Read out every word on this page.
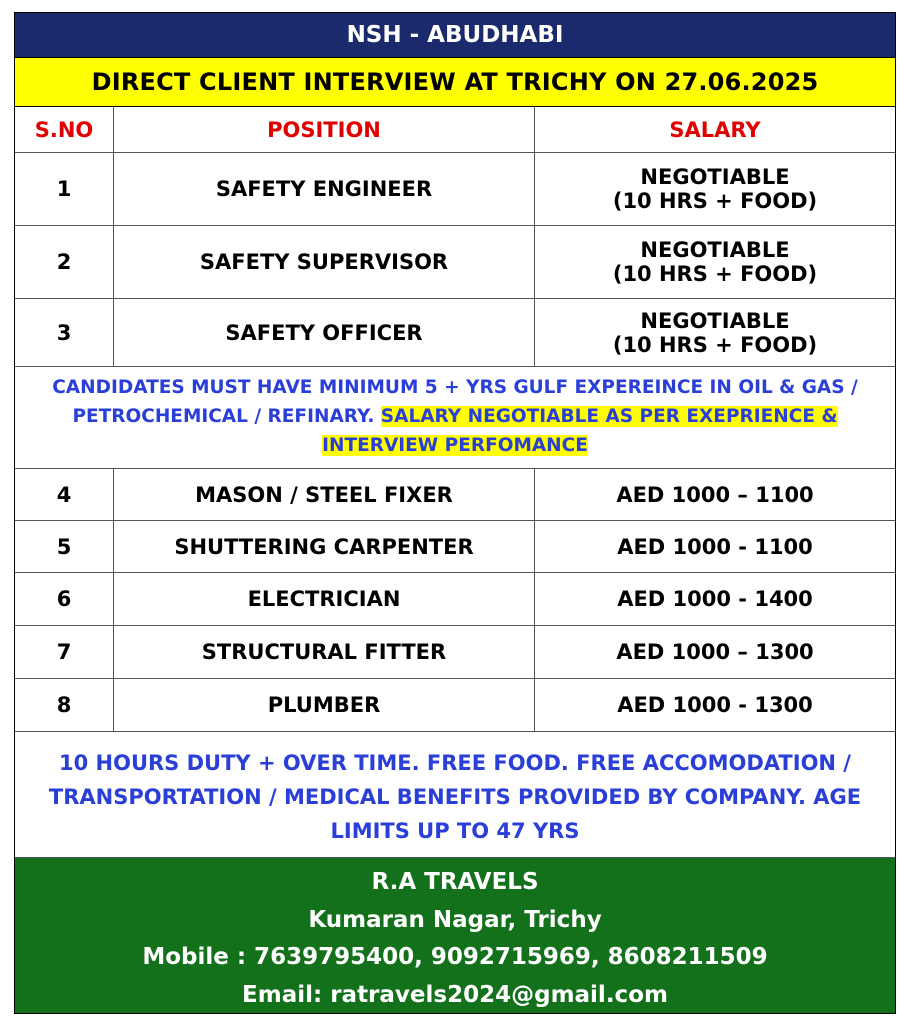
NSH - ABUDHABI
DIRECT CLIENT INTERVIEW AT TRICHY ON 27.06.2025
S.NO	POSITION	SALARY
1	SAFETY ENGINEER	NEGOTIABLE
(10 HRS + FOOD)
2	SAFETY SUPERVISOR	NEGOTIABLE
(10 HRS + FOOD)
3	SAFETY OFFICER	NEGOTIABLE
(10 HRS + FOOD)
CANDIDATES MUST HAVE MINIMUM 5 + YRS GULF EXPEREINCE IN OIL & GAS / PETROCHEMICAL / REFINARY. SALARY NEGOTIABLE AS PER EXEPRIENCE & INTERVIEW PERFOMANCE
4	MASON / STEEL FIXER	AED 1000 – 1100
5	SHUTTERING CARPENTER	AED 1000 - 1100
6	ELECTRICIAN	AED 1000 - 1400
7	STRUCTURAL FITTER	AED 1000 – 1300
8	PLUMBER	AED 1000 - 1300
10 HOURS DUTY + OVER TIME. FREE FOOD. FREE ACCOMODATION / TRANSPORTATION / MEDICAL BENEFITS PROVIDED BY COMPANY. AGE LIMITS UP TO 47 YRS
R.A TRAVELS
Kumaran Nagar, Trichy
Mobile : 7639795400, 9092715969, 8608211509
Email: ratravels2024@gmail.com
